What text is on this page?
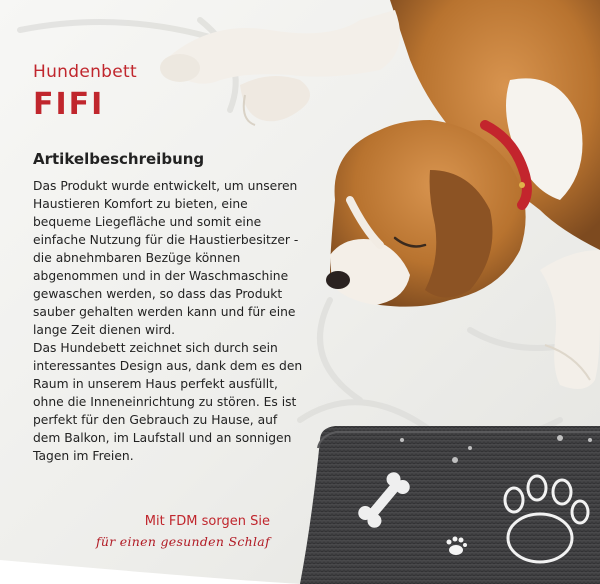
Hundenbett
FIFI
Artikelbeschreibung

Das Produkt wurde entwickelt, um unseren Haustieren Komfort zu bieten, eine bequeme Liegefläche und somit eine einfache Nutzung für die Haustierbesitzer - die abnehmbaren Bezüge können abgenommen und in der Waschmaschine gewaschen werden, so dass das Produkt sauber gehalten werden kann und für eine lange Zeit dienen wird.

Das Hundebett zeichnet sich durch sein interessantes Design aus, dank dem es den Raum in unserem Haus perfekt ausfüllt, ohne die Inneneinrichtung zu stören. Es ist perfekt für den Gebrauch zu Hause, auf dem Balkon, im Laufstall und an sonnigen Tagen im Freien.

Mit FDM sorgen Sie
für einen gesunden Schlaf
